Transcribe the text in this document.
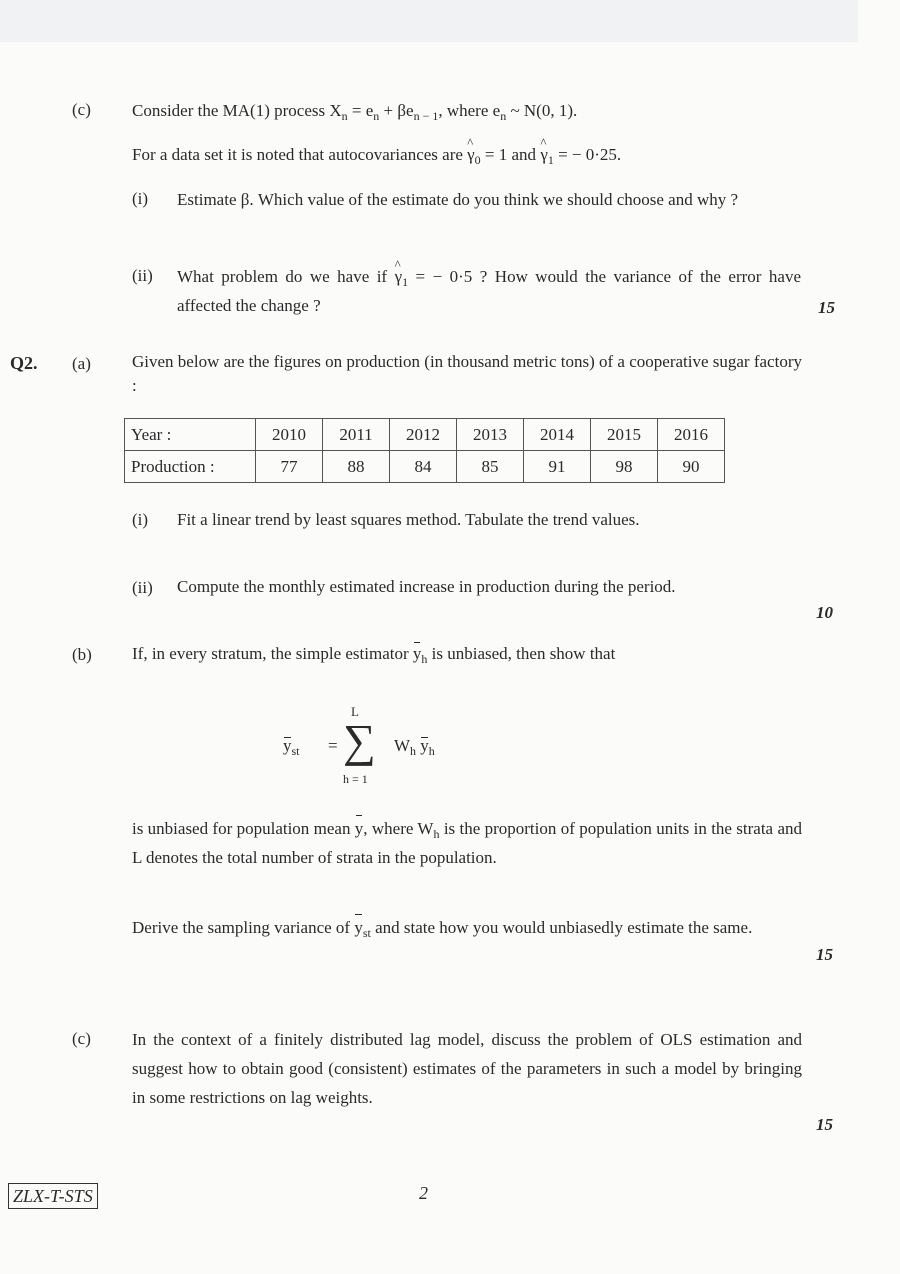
(c) Consider the MA(1) process $X_n = e_n + \beta e_{n - 1}$, where $e_n$ ~ N(0, 1).
For a data set it is noted that autocovariances are ^ $\gamma_0 = 1$ and ^ $\gamma_1$ = − 0·25.
(i) Estimate β. Which value of the estimate do you think we should choose and why ?
(ii) What problem do we have if ^ $\gamma_1$ = − 0·5 ? How would the variance of the error have affected the change ?	15
Q2. (a) Given below are the figures on production (in thousand metric tons) of a cooperative sugar factory :
Year :	2010	2011	2012	2013	2014	2015	2016
Production :	77	88	84	85	91	98	90
(i) Fit a linear trend by least squares method. Tabulate the trend values.
(ii) Compute the monthly estimated increase in production during the period.
10
(b) If, in every stratum, the simple estimator $y_h$ is unbiased, then show that
$y_{st}$ =
L
∑
h = 1
$W_h$ $y_h$
is unbiased for population mean y, where $W_h$ is the proportion of population units in the strata and L denotes the total number of strata in the population.
Derive the sampling variance of $y_{st}$ and state how you would unbiasedly estimate the same.
15
(c) In the context of a finitely distributed lag model, discuss the problem of OLS estimation and suggest how to obtain good (consistent) estimates of the parameters in such a model by bringing in some restrictions on lag weights.
15
ZLX-T-STS	2
